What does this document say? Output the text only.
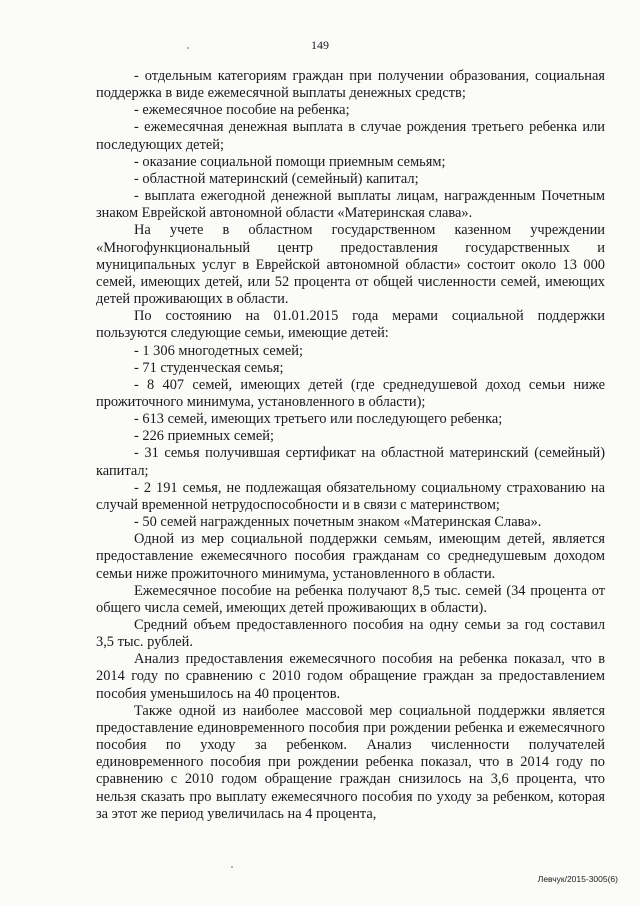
149

- отдельным категориям граждан при получении образования, социальная поддержка в виде ежемесячной выплаты денежных средств;

- ежемесячное пособие на ребенка;

- ежемесячная денежная выплата в случае рождения третьего ребенка или последующих детей;

- оказание социальной помощи приемным семьям;

- областной материнский (семейный) капитал;

- выплата ежегодной денежной выплаты лицам, награжденным Почетным знаком Еврейской автономной области «Материнская слава».

На учете в областном государственном казенном учреждении «Многофункциональный центр предоставления государственных и муниципальных услуг в Еврейской автономной области» состоит около 13 000 семей, имеющих детей, или 52 процента от общей численности семей, имеющих детей проживающих в области.

По состоянию на 01.01.2015 года мерами социальной поддержки пользуются следующие семьи, имеющие детей:

- 1 306 многодетных семей;

- 71 студенческая семья;

- 8 407 семей, имеющих детей (где среднедушевой доход семьи ниже прожиточного минимума, установленного в области);

- 613 семей, имеющих третьего или последующего ребенка;

- 226 приемных семей;

- 31 семья получившая сертификат на областной материнский (семейный) капитал;

- 2 191 семья, не подлежащая обязательному социальному страхованию на случай временной нетрудоспособности и в связи с материнством;

- 50 семей награжденных почетным знаком «Материнская Слава».

Одной из мер социальной поддержки семьям, имеющим детей, является предоставление ежемесячного пособия гражданам со среднедушевым доходом семьи ниже прожиточного минимума, установленного в области.

Ежемесячное пособие на ребенка получают 8,5 тыс. семей (34 процента от общего числа семей, имеющих детей проживающих в области).

Средний объем предоставленного пособия на одну семьи за год составил 3,5 тыс. рублей.

Анализ предоставления ежемесячного пособия на ребенка показал, что в 2014 году по сравнению с 2010 годом обращение граждан за предоставлением пособия уменьшилось на 40 процентов.

Также одной из наиболее массовой мер социальной поддержки является предоставление единовременного пособия при рождении ребенка и ежемесячного пособия по уходу за ребенком. Анализ численности получателей единовременного пособия при рождении ребенка показал, что в 2014 году по сравнению с 2010 годом обращение граждан снизилось на 3,6 процента, что нельзя сказать про выплату ежемесячного пособия по уходу за ребенком, которая за этот же период увеличилась на 4 процента,

Левчук/2015-3005(6)
